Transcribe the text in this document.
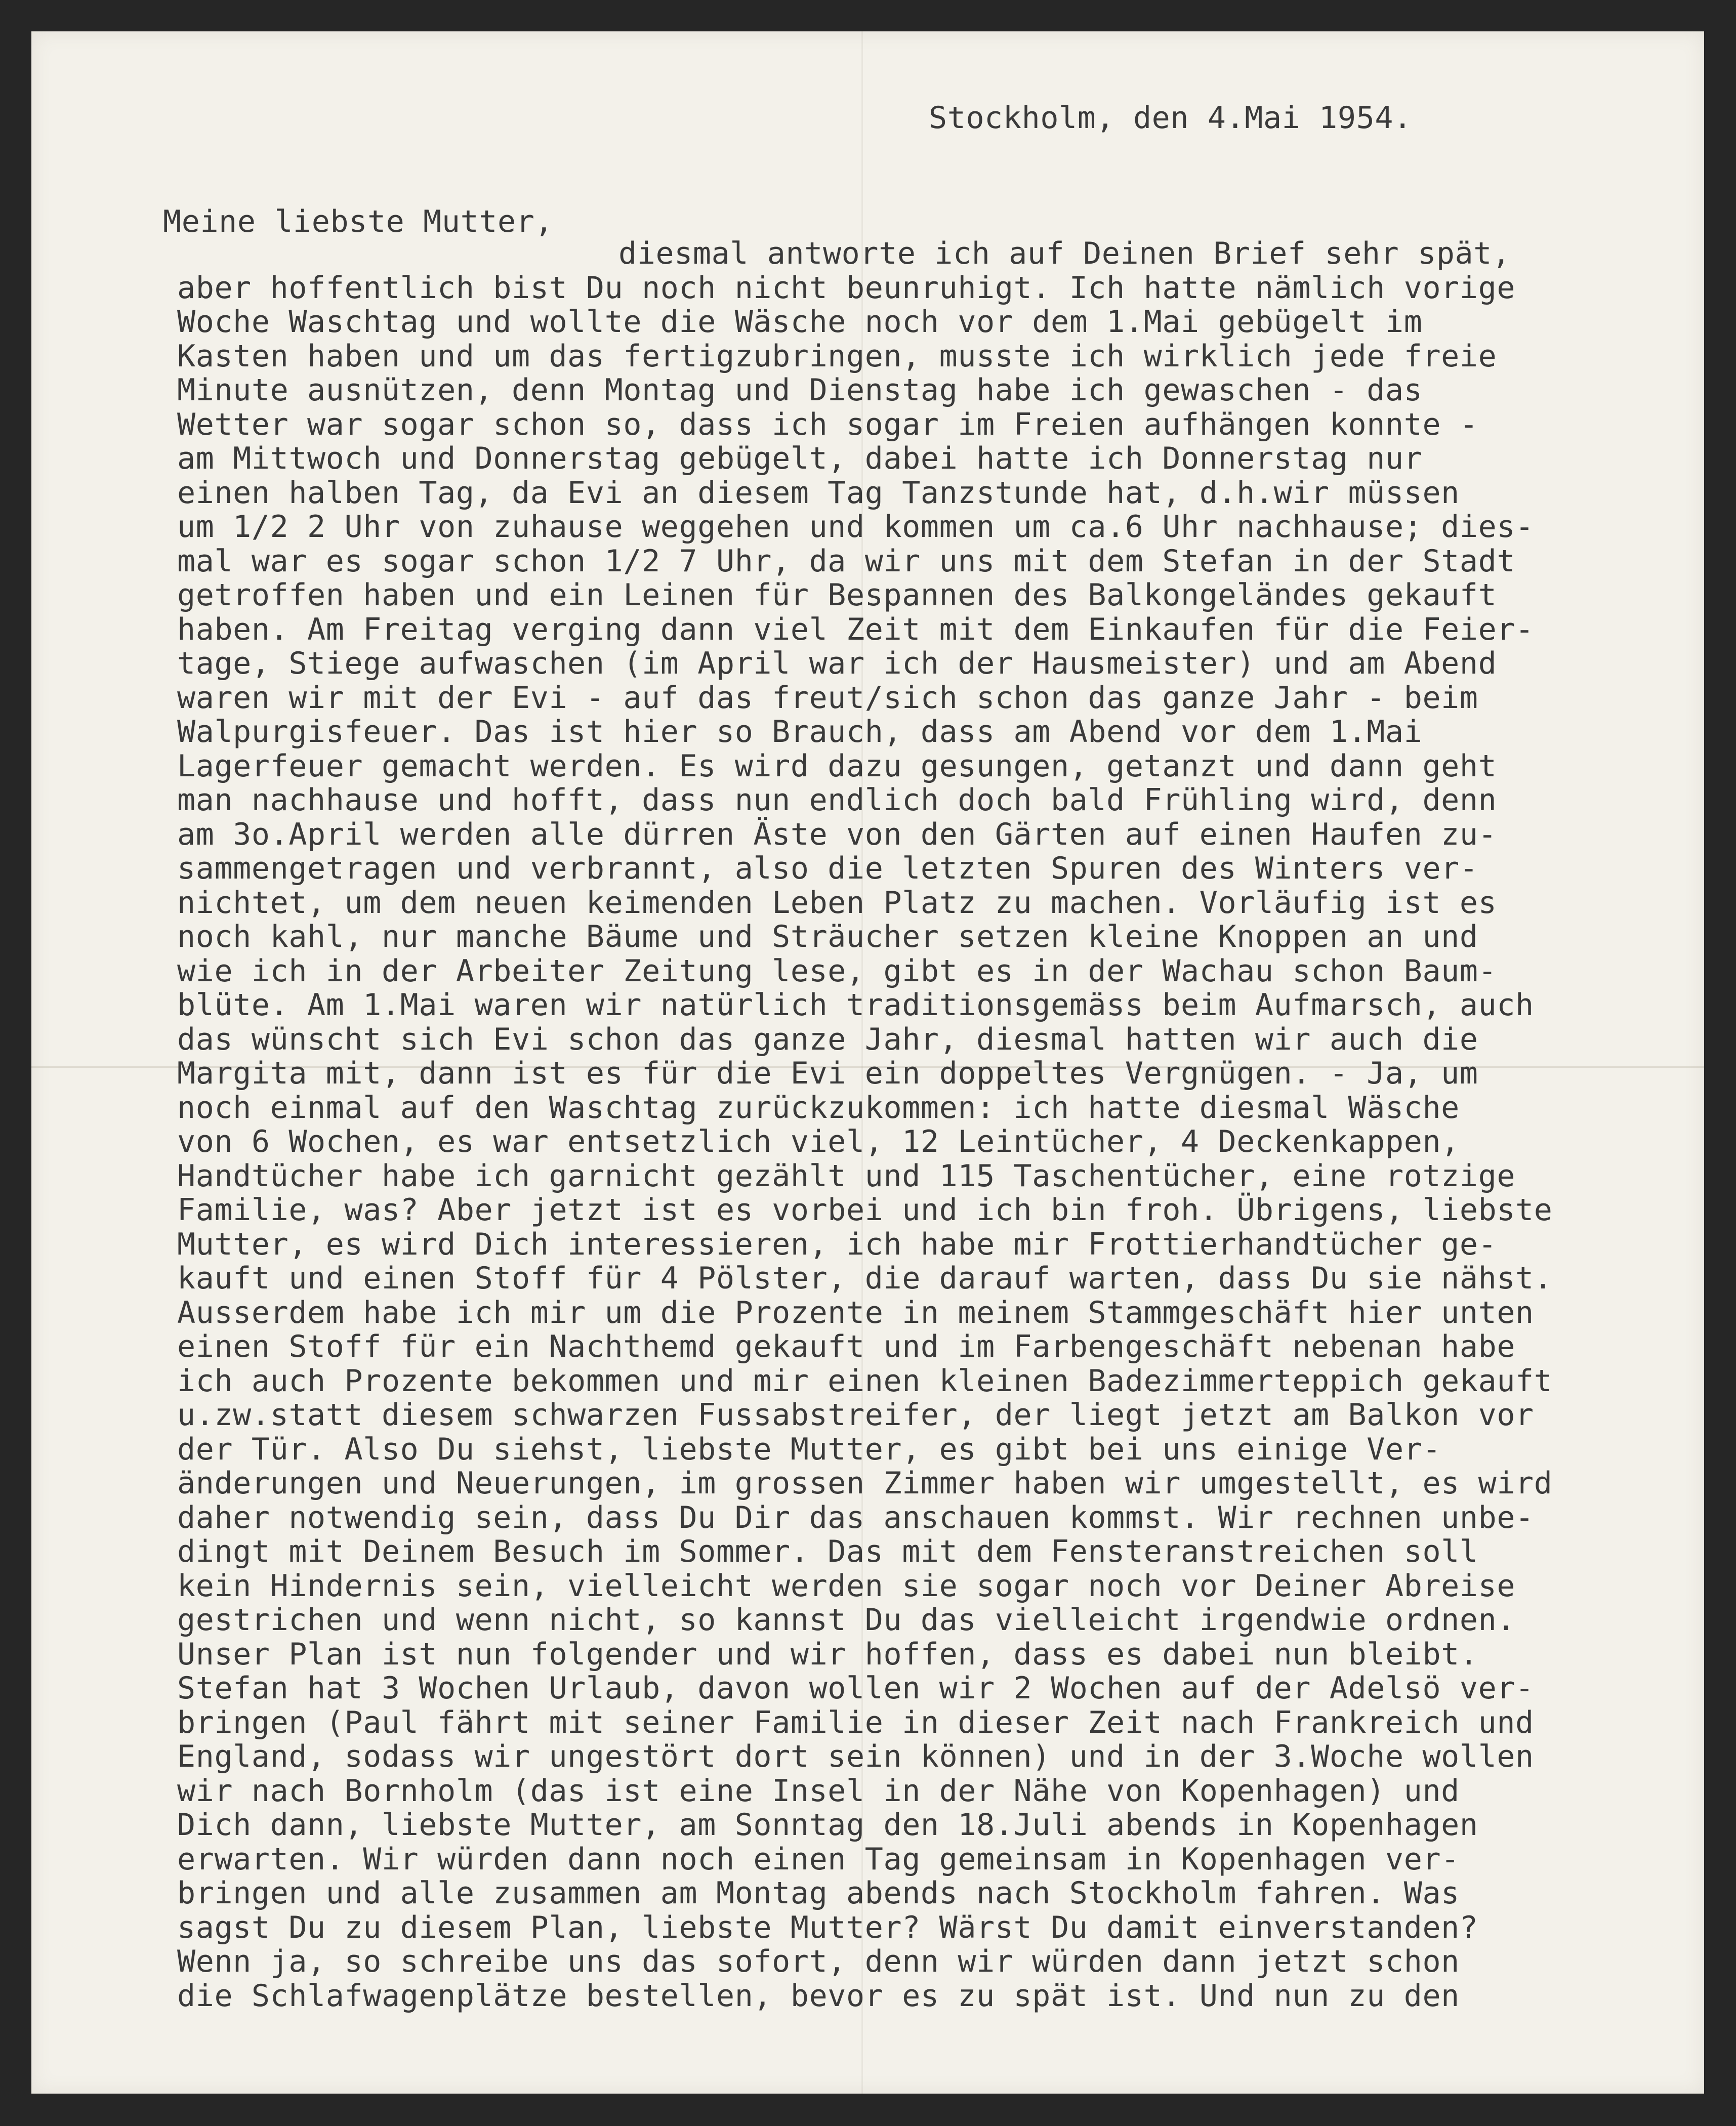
Stockholm, den 4.Mai 1954.
Meine liebste Mutter,
diesmal antworte ich auf Deinen Brief sehr spät,
aber hoffentlich bist Du noch nicht beunruhigt. Ich hatte nämlich vorige
Woche Waschtag und wollte die Wäsche noch vor dem 1.Mai gebügelt im
Kasten haben und um das fertigzubringen, musste ich wirklich jede freie
Minute ausnützen, denn Montag und Dienstag habe ich gewaschen - das
Wetter war sogar schon so, dass ich sogar im Freien aufhängen konnte -
am Mittwoch und Donnerstag gebügelt, dabei hatte ich Donnerstag nur
einen halben Tag, da Evi an diesem Tag Tanzstunde hat, d.h.wir müssen
um 1/2 2 Uhr von zuhause weggehen und kommen um ca.6 Uhr nachhause; dies-
mal war es sogar schon 1/2 7 Uhr, da wir uns mit dem Stefan in der Stadt
getroffen haben und ein Leinen für Bespannen des Balkongeländes gekauft
haben. Am Freitag verging dann viel Zeit mit dem Einkaufen für die Feier-
tage, Stiege aufwaschen (im April war ich der Hausmeister) und am Abend
waren wir mit der Evi - auf das freut/sich schon das ganze Jahr - beim
Walpurgisfeuer. Das ist hier so Brauch, dass am Abend vor dem 1.Mai
Lagerfeuer gemacht werden. Es wird dazu gesungen, getanzt und dann geht
man nachhause und hofft, dass nun endlich doch bald Frühling wird, denn
am 3o.April werden alle dürren Äste von den Gärten auf einen Haufen zu-
sammengetragen und verbrannt, also die letzten Spuren des Winters ver-
nichtet, um dem neuen keimenden Leben Platz zu machen. Vorläufig ist es
noch kahl, nur manche Bäume und Sträucher setzen kleine Knoppen an und
wie ich in der Arbeiter Zeitung lese, gibt es in der Wachau schon Baum-
blüte. Am 1.Mai waren wir natürlich traditionsgemäss beim Aufmarsch, auch
das wünscht sich Evi schon das ganze Jahr, diesmal hatten wir auch die
Margita mit, dann ist es für die Evi ein doppeltes Vergnügen. - Ja, um
noch einmal auf den Waschtag zurückzukommen: ich hatte diesmal Wäsche
von 6 Wochen, es war entsetzlich viel, 12 Leintücher, 4 Deckenkappen,
Handtücher habe ich garnicht gezählt und 115 Taschentücher, eine rotzige
Familie, was? Aber jetzt ist es vorbei und ich bin froh. Übrigens, liebste
Mutter, es wird Dich interessieren, ich habe mir Frottierhandtücher ge-
kauft und einen Stoff für 4 Pölster, die darauf warten, dass Du sie nähst.
Ausserdem habe ich mir um die Prozente in meinem Stammgeschäft hier unten
einen Stoff für ein Nachthemd gekauft und im Farbengeschäft nebenan habe
ich auch Prozente bekommen und mir einen kleinen Badezimmerteppich gekauft
u.zw.statt diesem schwarzen Fussabstreifer, der liegt jetzt am Balkon vor
der Tür. Also Du siehst, liebste Mutter, es gibt bei uns einige Ver-
änderungen und Neuerungen, im grossen Zimmer haben wir umgestellt, es wird
daher notwendig sein, dass Du Dir das anschauen kommst. Wir rechnen unbe-
dingt mit Deinem Besuch im Sommer. Das mit dem Fensteranstreichen soll
kein Hindernis sein, vielleicht werden sie sogar noch vor Deiner Abreise
gestrichen und wenn nicht, so kannst Du das vielleicht irgendwie ordnen.
Unser Plan ist nun folgender und wir hoffen, dass es dabei nun bleibt.
Stefan hat 3 Wochen Urlaub, davon wollen wir 2 Wochen auf der Adelsö ver-
bringen (Paul fährt mit seiner Familie in dieser Zeit nach Frankreich und
England, sodass wir ungestört dort sein können) und in der 3.Woche wollen
wir nach Bornholm (das ist eine Insel in der Nähe von Kopenhagen) und
Dich dann, liebste Mutter, am Sonntag den 18.Juli abends in Kopenhagen
erwarten. Wir würden dann noch einen Tag gemeinsam in Kopenhagen ver-
bringen und alle zusammen am Montag abends nach Stockholm fahren. Was
sagst Du zu diesem Plan, liebste Mutter? Wärst Du damit einverstanden?
Wenn ja, so schreibe uns das sofort, denn wir würden dann jetzt schon
die Schlafwagenplätze bestellen, bevor es zu spät ist. Und nun zu den
